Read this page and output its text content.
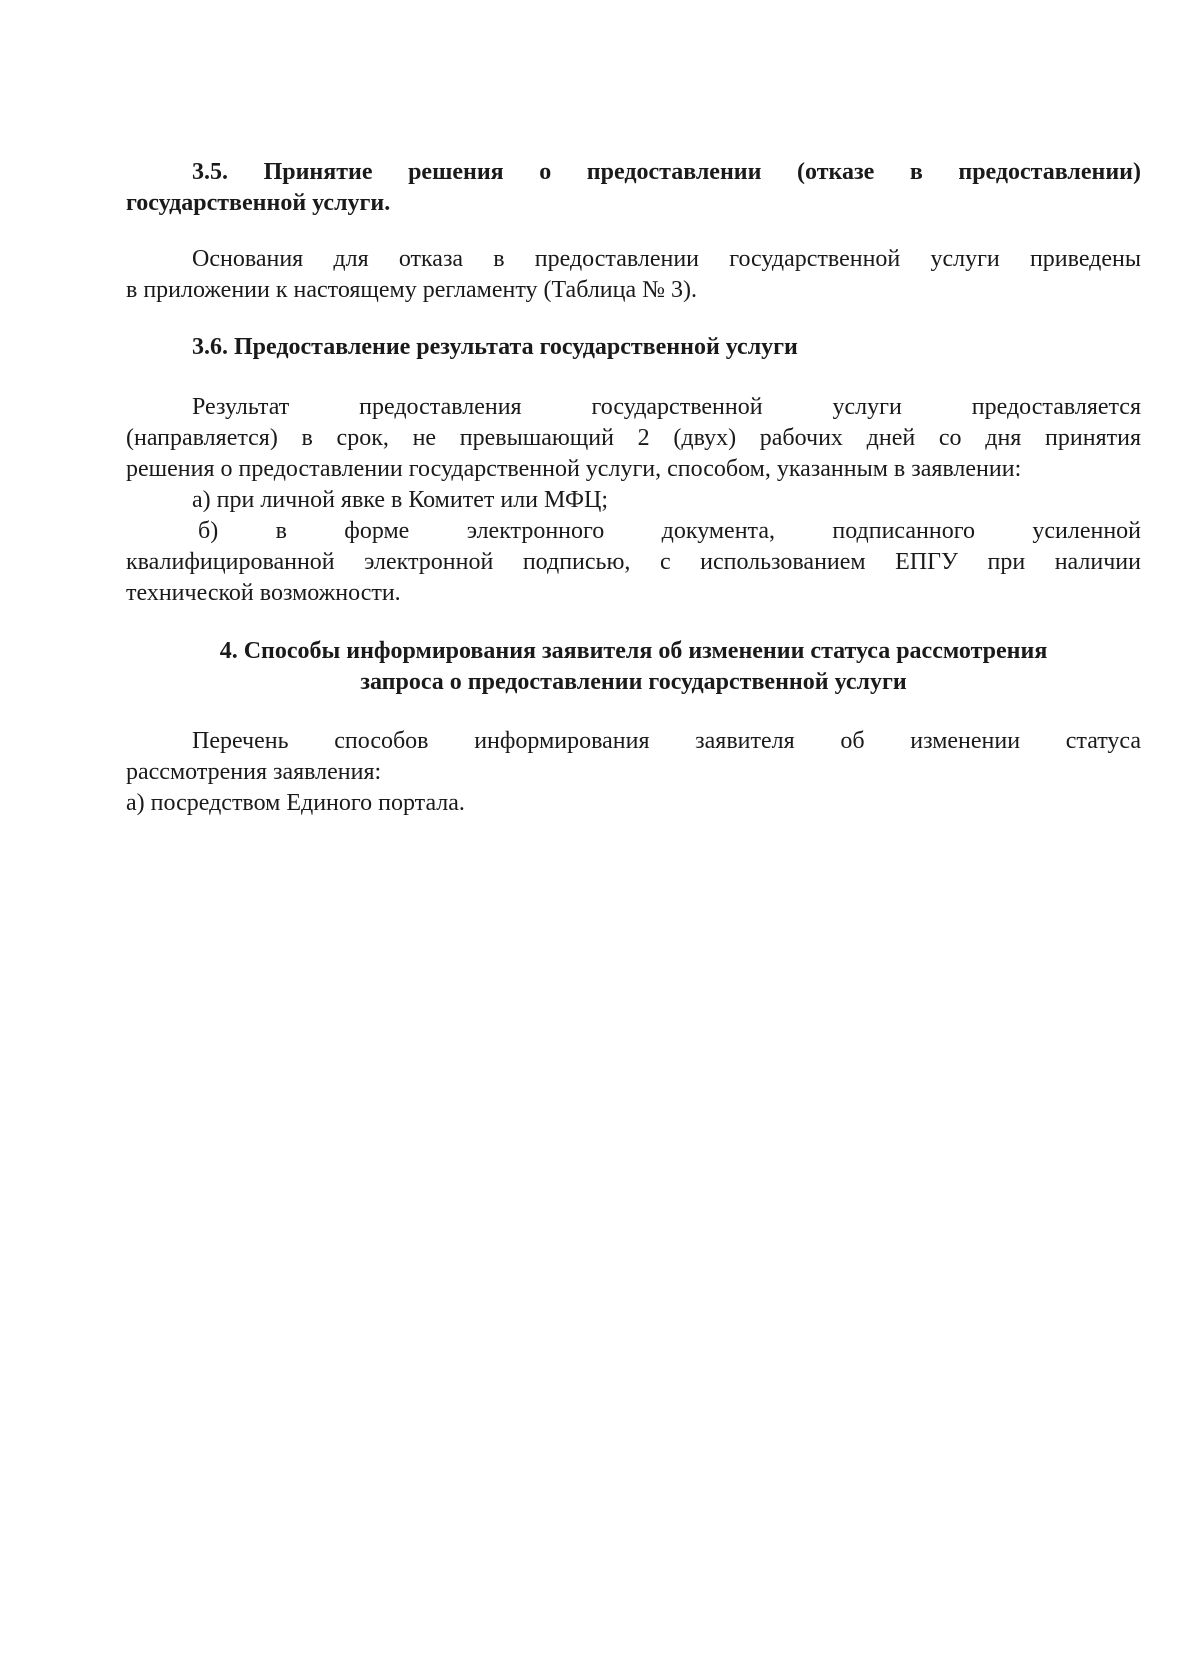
3.5. Принятие решения о предоставлении (отказе в предоставлении)
государственной услуги.
Основания для отказа в предоставлении государственной услуги приведены
в приложении к настоящему регламенту (Таблица № 3).
3.6. Предоставление результата государственной услуги
Результат предоставления государственной услуги предоставляется
(направляется) в срок, не превышающий 2 (двух) рабочих дней со дня принятия
решения о предоставлении государственной услуги, способом, указанным в заявлении:
а) при личной явке в Комитет или МФЦ;
б) в форме электронного документа, подписанного усиленной
квалифицированной электронной подписью, с использованием ЕПГУ при наличии
технической возможности.
4. Способы информирования заявителя об изменении статуса рассмотрения
запроса о предоставлении государственной услуги
Перечень способов информирования заявителя об изменении статуса
рассмотрения заявления:
а) посредством Единого портала.
